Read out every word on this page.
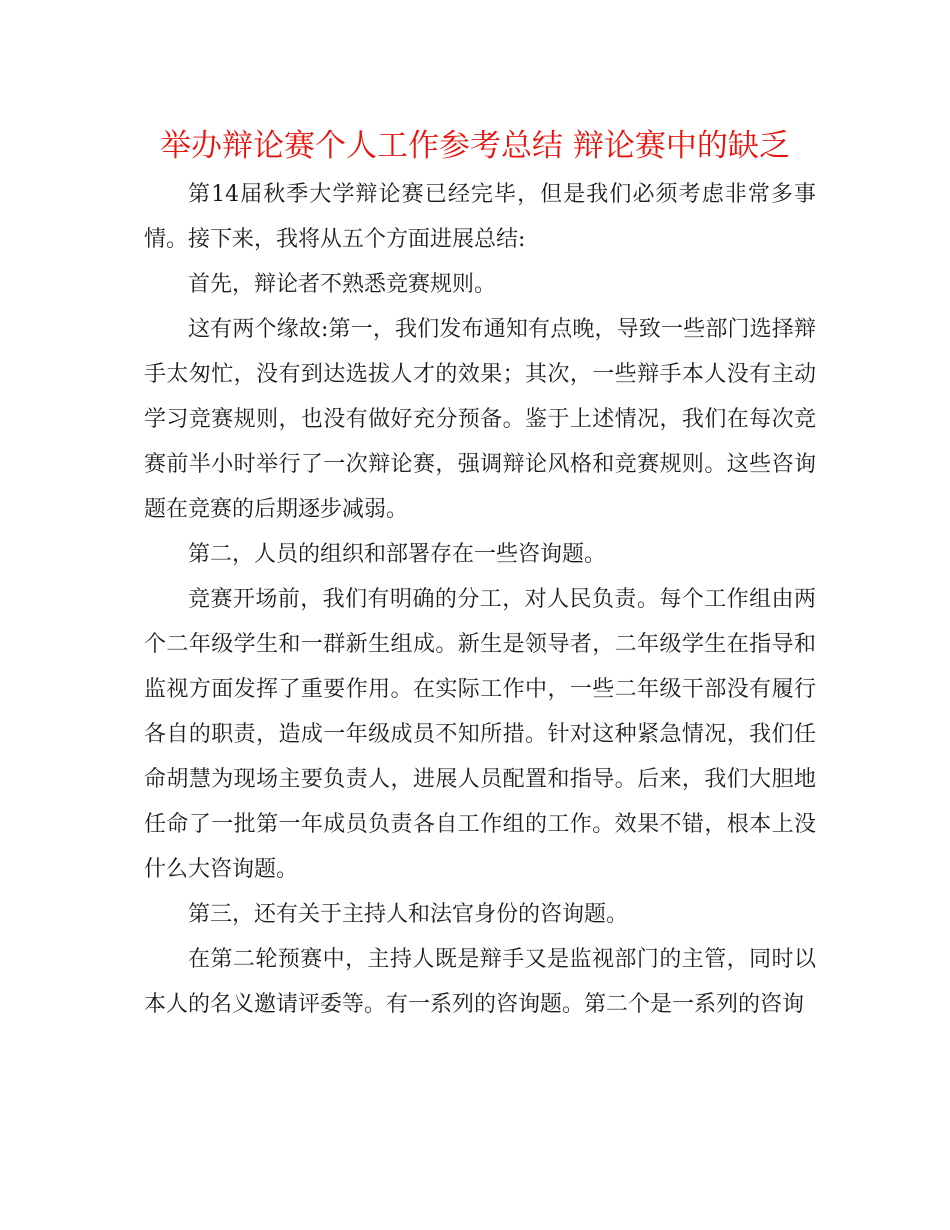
举办辩论赛个人工作参考总结 辩论赛中的缺乏

第14届秋季大学辩论赛已经完毕，但是我们必须考虑非常多事情。接下来，我将从五个方面进展总结:

首先，辩论者不熟悉竞赛规则。

这有两个缘故:第一，我们发布通知有点晚，导致一些部门选择辩手太匆忙，没有到达选拔人才的效果；其次，一些辩手本人没有主动学习竞赛规则，也没有做好充分预备。鉴于上述情况，我们在每次竞赛前半小时举行了一次辩论赛，强调辩论风格和竞赛规则。这些咨询题在竞赛的后期逐步减弱。

第二，人员的组织和部署存在一些咨询题。

竞赛开场前，我们有明确的分工，对人民负责。每个工作组由两个二年级学生和一群新生组成。新生是领导者，二年级学生在指导和监视方面发挥了重要作用。在实际工作中，一些二年级干部没有履行各自的职责，造成一年级成员不知所措。针对这种紧急情况，我们任命胡慧为现场主要负责人，进展人员配置和指导。后来，我们大胆地任命了一批第一年成员负责各自工作组的工作。效果不错，根本上没什么大咨询题。

第三，还有关于主持人和法官身份的咨询题。

在第二轮预赛中，主持人既是辩手又是监视部门的主管，同时以本人的名义邀请评委等。有一系列的咨询题。第二个是一系列的咨询
